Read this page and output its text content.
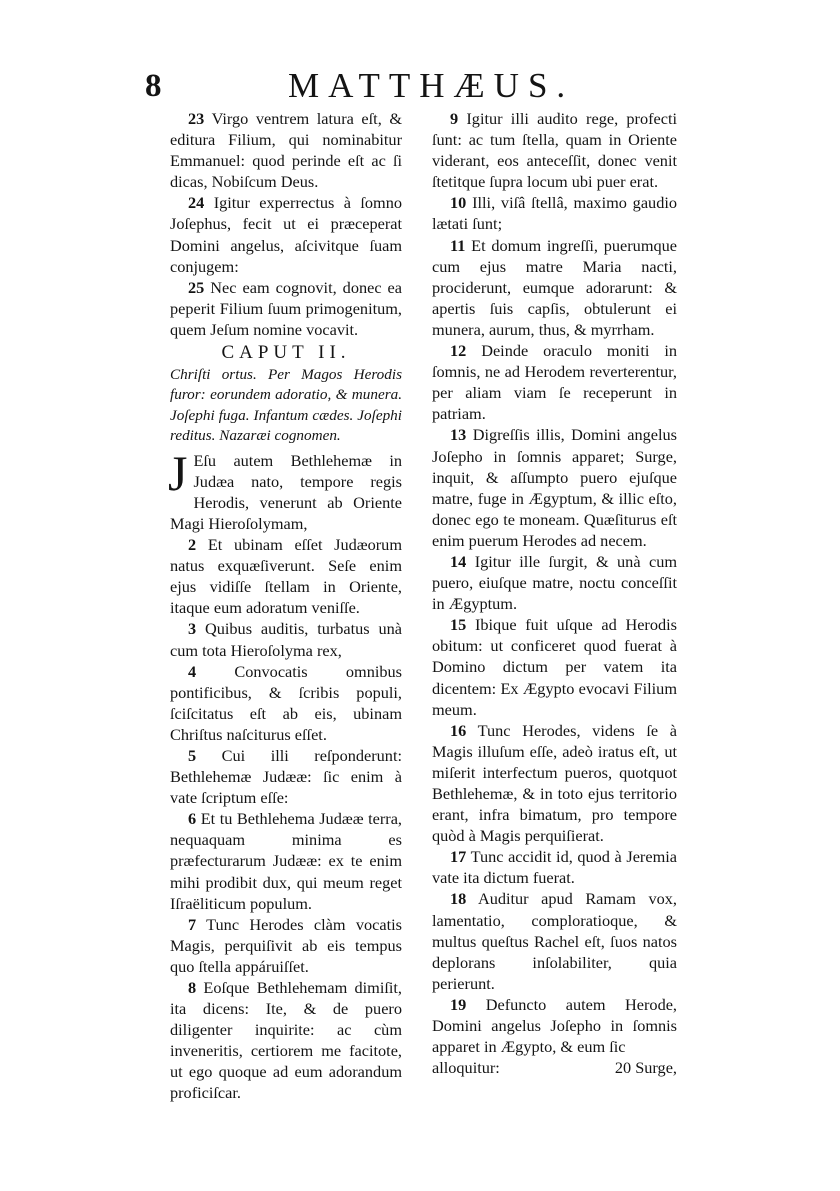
8	MATTHÆUS.

23 Virgo ventrem latura eſt, & editura Filium, qui nominabitur Emmanuel: quod perinde eſt ac ſi dicas, Nobiſcum Deus.

24 Igitur experrectus à ſomno Joſephus, fecit ut ei præceperat Domini angelus, aſcivitque ſuam conjugem:

25 Nec eam cognovit, donec ea peperit Filium ſuum primogenitum, quem Jeſum nomine vocavit.

CAPUT II.
Chriſti ortus. Per Magos Herodis furor: eorundem adoratio, & munera. Joſephi fuga. Infantum cædes. Joſephi reditus. Nazaræi cognomen.

J Eſu autem Bethlehemæ in Judæa nato, tempore regis Herodis, venerunt ab Oriente Magi Hieroſolymam,

2 Et ubinam eſſet Judæorum natus exquæſiverunt. Seſe enim ejus vidiſſe ſtellam in Oriente, itaque eum adoratum veniſſe.

3 Quibus auditis, turbatus unà cum tota Hieroſolyma rex,

4 Convocatis omnibus pontificibus, & ſcribis populi, ſciſcitatus eſt ab eis, ubinam Chriſtus naſciturus eſſet.

5 Cui illi reſponderunt: Bethlehemæ Judææ: ſic enim à vate ſcriptum eſſe:

6 Et tu Bethlehema Judææ terra, nequaquam minima es præfecturarum Judææ: ex te enim mihi prodibit dux, qui meum reget Iſraëliticum populum.

7 Tunc Herodes clàm vocatis Magis, perquiſivit ab eis tempus quo ſtella appáruiſſet.

8 Eoſque Bethlehemam dimiſit, ita dicens: Ite, & de puero diligenter inquirite: ac cùm inveneritis, certiorem me facitote, ut ego quoque ad eum adorandum proficiſcar.

9 Igitur illi audito rege, profecti ſunt: ac tum ſtella, quam in Oriente viderant, eos anteceſſit, donec venit ſtetitque ſupra locum ubi puer erat.

10 Illi, viſâ ſtellâ, maximo gaudio lætati ſunt;

11 Et domum ingreſſi, puerumque cum ejus matre Maria nacti, prociderunt, eumque adorarunt: & apertis ſuis capſis, obtulerunt ei munera, aurum, thus, & myrrham.

12 Deinde oraculo moniti in ſomnis, ne ad Herodem reverterentur, per aliam viam ſe receperunt in patriam.

13 Digreſſis illis, Domini angelus Joſepho in ſomnis apparet; Surge, inquit, & aſſumpto puero ejuſque matre, fuge in Ægyptum, & illic eſto, donec ego te moneam. Quæſiturus eſt enim puerum Herodes ad necem.

14 Igitur ille ſurgit, & unà cum puero, eiuſque matre, noctu conceſſit in Ægyptum.

15 Ibique fuit uſque ad Herodis obitum: ut conficeret quod fuerat à Domino dictum per vatem ita dicentem: Ex Ægypto evocavi Filium meum.

16 Tunc Herodes, videns ſe à Magis illuſum eſſe, adeò iratus eſt, ut miſerit interfectum pueros, quotquot Bethlehemæ, & in toto ejus territorio erant, infra bimatum, pro tempore quòd à Magis perquiſierat.

17 Tunc accidit id, quod à Jeremia vate ita dictum fuerat.

18 Auditur apud Ramam vox, lamentatio, comploratioque, & multus queſtus Rachel eſt, ſuos natos deplorans inſolabiliter, quia perierunt.

19 Defuncto autem Herode, Domini angelus Joſepho in ſomnis apparet in Ægypto, & eum ſic

alloquitur:	20 Surge,
